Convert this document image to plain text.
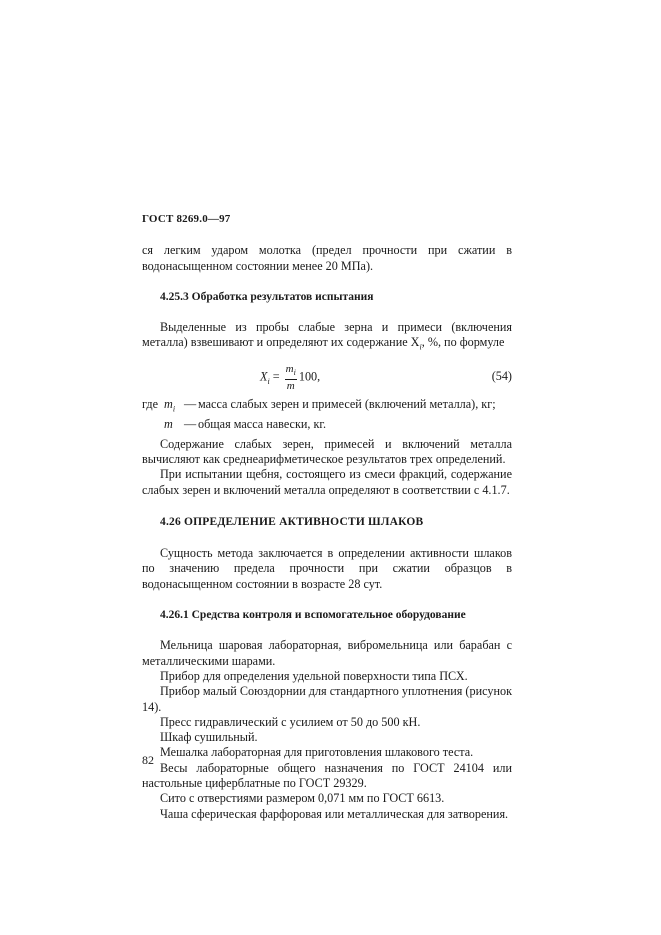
ГОСТ 8269.0—97

ся легким ударом молотка (предел прочности при сжатии в водонасыщенном состоянии менее 20 МПа).

4.25.3 Обработка результатов испытания

Выделенные из пробы слабые зерна и примеси (включения металла) взвешивают и определяют их содержание $X_i$, %, по формуле

$X_i = \frac{m_i}{m} 100$,	(54)
где $m_i$ — масса слабых зерен и примесей (включений металла), кг;
m — общая масса навески, кг.

Содержание слабых зерен, примесей и включений металла вычисляют как среднеарифметическое результатов трех определений.

При испытании щебня, состоящего из смеси фракций, содержание слабых зерен и включений металла определяют в соответствии с 4.1.7.

4.26 ОПРЕДЕЛЕНИЕ АКТИВНОСТИ ШЛАКОВ

Сущность метода заключается в определении активности шлаков по значению предела прочности при сжатии образцов в водонасыщенном состоянии в возрасте 28 сут.

4.26.1 Средства контроля и вспомогательное оборудование

Мельница шаровая лабораторная, вибромельница или барабан с металлическими шарами.

Прибор для определения удельной поверхности типа ПСХ.

Прибор малый Союздорнии для стандартного уплотнения (рисунок 14).

Пресс гидравлический с усилием от 50 до 500 кН.

Шкаф сушильный.

Мешалка лабораторная для приготовления шлакового теста.

Весы лабораторные общего назначения по ГОСТ 24104 или настольные циферблатные по ГОСТ 29329.

Сито с отверстиями размером 0,071 мм по ГОСТ 6613.

Чаша сферическая фарфоровая или металлическая для затворения.

82
